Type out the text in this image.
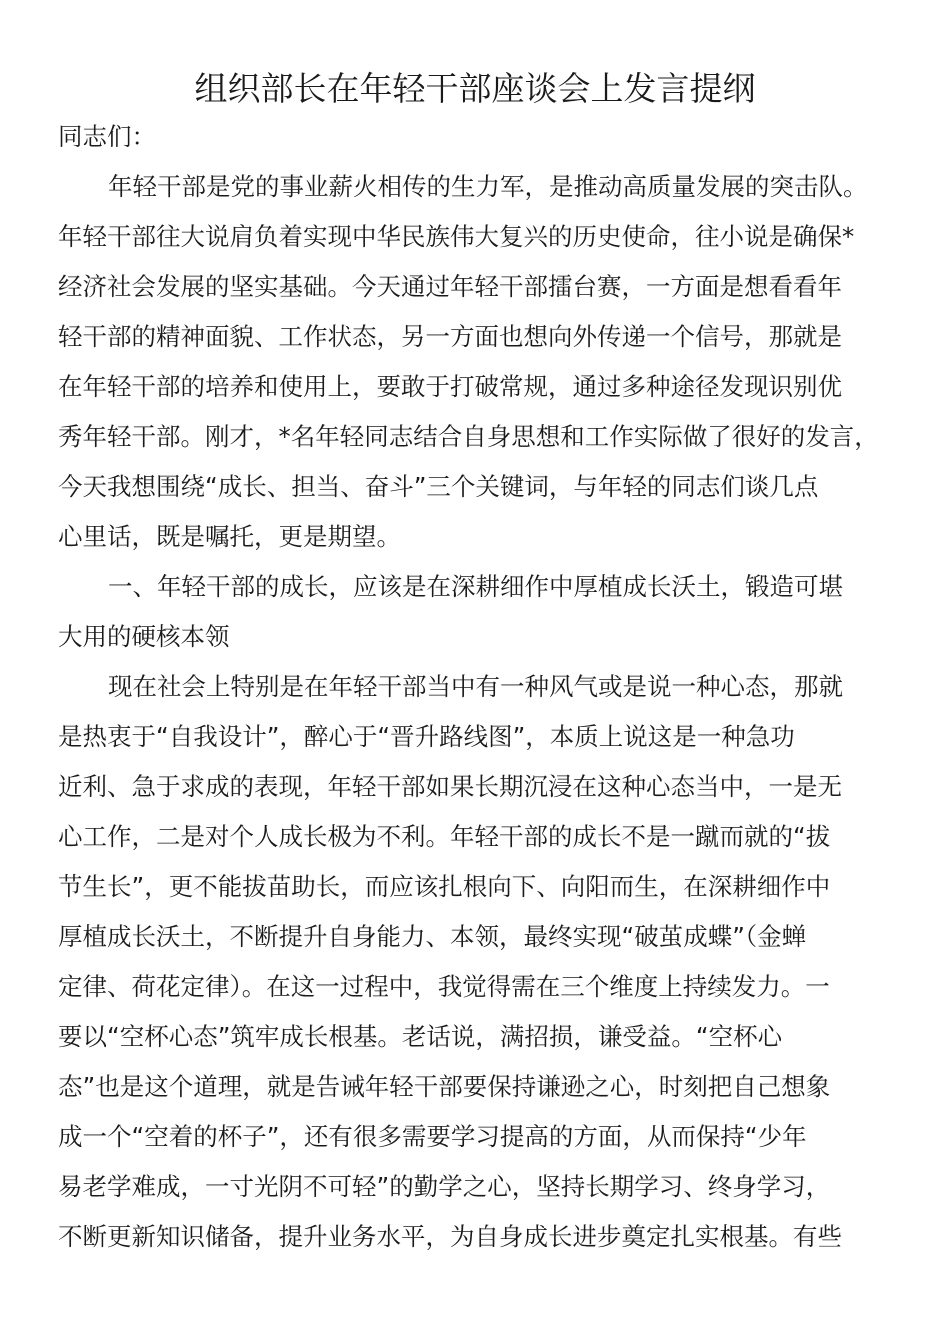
组织部长在年轻干部座谈会上发言提纲
同志们：
年轻干部是党的事业薪火相传的生力军，是推动高质量发展的突击队。
年轻干部往大说肩负着实现中华民族伟大复兴的历史使命，往小说是确保*
经济社会发展的坚实基础。今天通过年轻干部擂台赛，一方面是想看看年
轻干部的精神面貌、工作状态，另一方面也想向外传递一个信号，那就是
在年轻干部的培养和使用上，要敢于打破常规，通过多种途径发现识别优
秀年轻干部。刚才，*名年轻同志结合自身思想和工作实际做了很好的发言，
今天我想围绕“成长、担当、奋斗”三个关键词，与年轻的同志们谈几点
心里话，既是嘱托，更是期望。
一、年轻干部的成长，应该是在深耕细作中厚植成长沃土，锻造可堪
大用的硬核本领
现在社会上特别是在年轻干部当中有一种风气或是说一种心态，那就
是热衷于“自我设计”，醉心于“晋升路线图”，本质上说这是一种急功
近利、急于求成的表现，年轻干部如果长期沉浸在这种心态当中，一是无
心工作，二是对个人成长极为不利。年轻干部的成长不是一蹴而就的“拔
节生长”，更不能拔苗助长，而应该扎根向下、向阳而生，在深耕细作中
厚植成长沃土，不断提升自身能力、本领，最终实现“破茧成蝶”（金蝉
定律、荷花定律）。在这一过程中，我觉得需在三个维度上持续发力。一
要以“空杯心态”筑牢成长根基。老话说，满招损，谦受益。“空杯心
态”也是这个道理，就是告诫年轻干部要保持谦逊之心，时刻把自己想象
成一个“空着的杯子”，还有很多需要学习提高的方面，从而保持“少年
易老学难成，一寸光阴不可轻”的勤学之心，坚持长期学习、终身学习，
不断更新知识储备，提升业务水平，为自身成长进步奠定扎实根基。有些
